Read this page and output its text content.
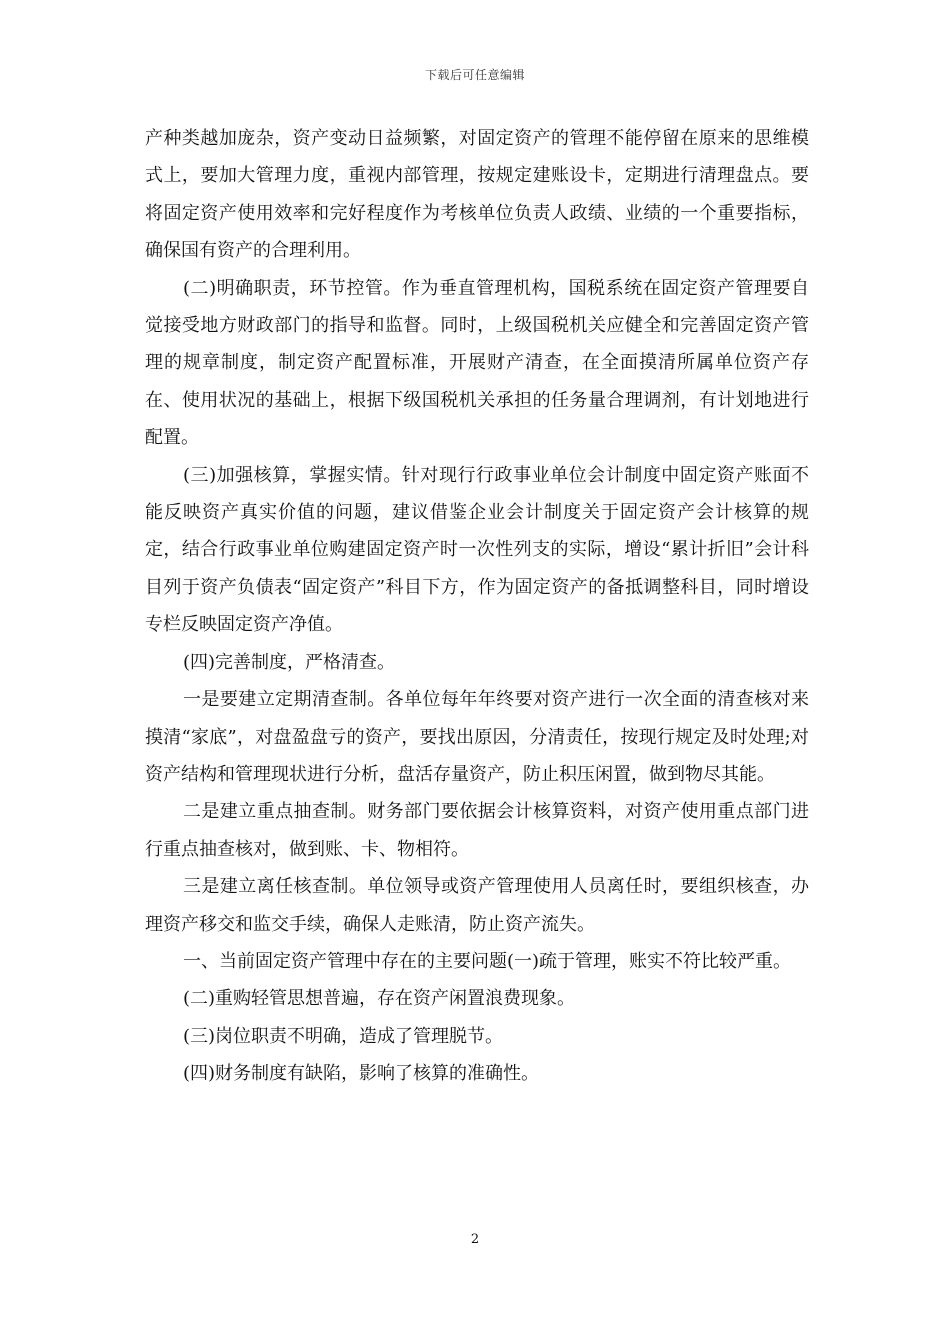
下载后可任意编辑

产种类越加庞杂，资产变动日益频繁，对固定资产的管理不能停留在原来的思维模式上，要加大管理力度，重视内部管理，按规定建账设卡，定期进行清理盘点。要将固定资产使用效率和完好程度作为考核单位负责人政绩、业绩的一个重要指标，确保国有资产的合理利用。

(二)明确职责，环节控管。作为垂直管理机构，国税系统在固定资产管理要自觉接受地方财政部门的指导和监督。同时，上级国税机关应健全和完善固定资产管理的规章制度，制定资产配置标准，开展财产清查，在全面摸清所属单位资产存在、使用状况的基础上，根据下级国税机关承担的任务量合理调剂，有计划地进行配置。

(三)加强核算，掌握实情。针对现行行政事业单位会计制度中固定资产账面不能反映资产真实价值的问题，建议借鉴企业会计制度关于固定资产会计核算的规定，结合行政事业单位购建固定资产时一次性列支的实际，增设“累计折旧”会计科目列于资产负债表“固定资产”科目下方，作为固定资产的备抵调整科目，同时增设专栏反映固定资产净值。

(四)完善制度，严格清查。

一是要建立定期清查制。各单位每年年终要对资产进行一次全面的清查核对来摸清“家底”，对盘盈盘亏的资产，要找出原因，分清责任，按现行规定及时处理;对资产结构和管理现状进行分析，盘活存量资产，防止积压闲置，做到物尽其能。

二是建立重点抽查制。财务部门要依据会计核算资料，对资产使用重点部门进行重点抽查核对，做到账、卡、物相符。

三是建立离任核查制。单位领导或资产管理使用人员离任时，要组织核查，办理资产移交和监交手续，确保人走账清，防止资产流失。

一、当前固定资产管理中存在的主要问题(一)疏于管理，账实不符比较严重。

(二)重购轻管思想普遍，存在资产闲置浪费现象。

(三)岗位职责不明确，造成了管理脱节。

(四)财务制度有缺陷，影响了核算的准确性。

2
